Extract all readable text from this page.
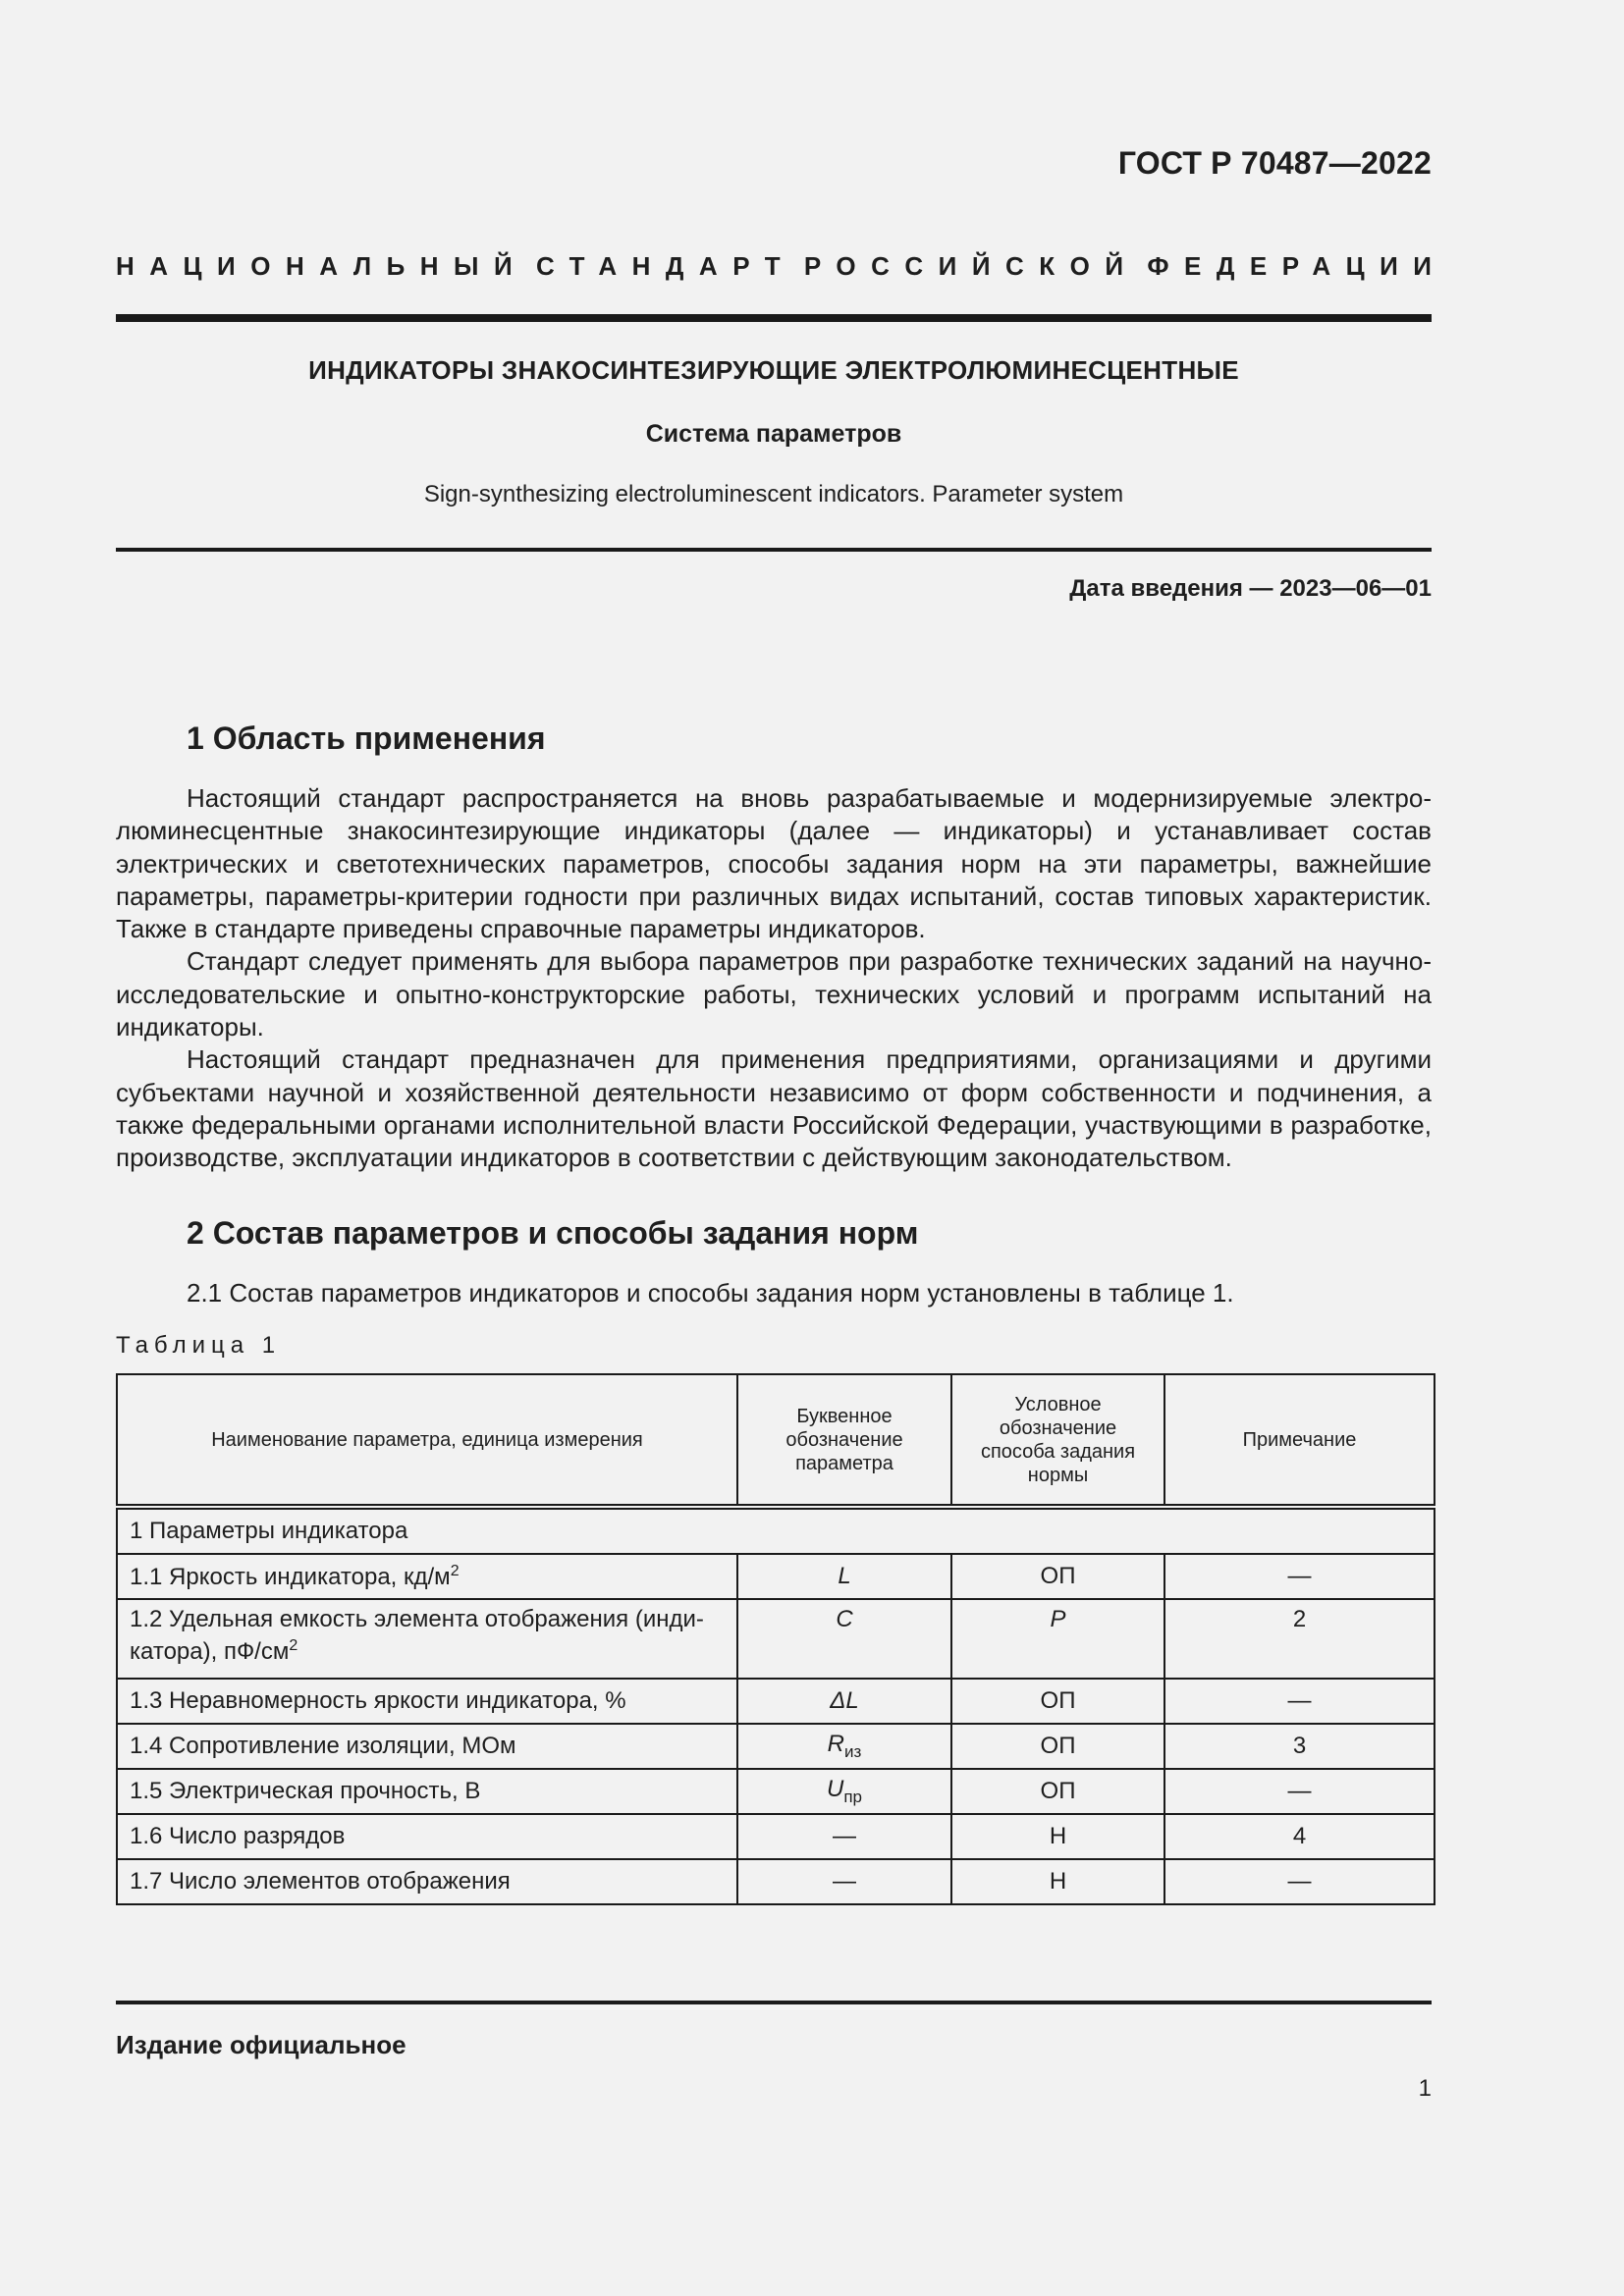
ГОСТ Р 70487—2022
НАЦИОНАЛЬНЫЙ СТАНДАРТ РОССИЙСКОЙ ФЕДЕРАЦИИ
ИНДИКАТОРЫ ЗНАКОСИНТЕЗИРУЮЩИЕ ЭЛЕКТРОЛЮМИНЕСЦЕНТНЫЕ
Система параметров
Sign-synthesizing electroluminescent indicators. Parameter system
Дата введения — 2023—06—01
1 Область применения

Настоящий стандарт распространяется на вновь разрабатываемые и модернизируемые электролюминесцентные знакосинтезирующие индикаторы (далее — индикаторы) и устанавливает состав электрических и светотехнических параметров, способы задания норм на эти параметры, важнейшие параметры, параметры-критерии годности при различных видах испытаний, состав типовых характеристик. Также в стандарте приведены справочные параметры индикаторов.

Стандарт следует применять для выбора параметров при разработке технических заданий на научно-исследовательские и опытно-конструкторские работы, технических условий и программ испытаний на индикаторы.

Настоящий стандарт предназначен для применения предприятиями, организациями и другими субъектами научной и хозяйственной деятельности независимо от форм собственности и подчинения, а также федеральными органами исполнительной власти Российской Федерации, участвующими в разработке, производстве, эксплуатации индикаторов в соответствии с действующим законодательством.

2 Состав параметров и способы задания норм
2.1 Состав параметров индикаторов и способы задания норм установлены в таблице 1.
Таблица 1
Наименование параметра, единица измерения	Буквенное обозначение параметра	Условное обозначение способа задания нормы	Примечание
1 Параметры индикатора			
1.1 Яркость индикатора, $кд/м^2$	L	ОП	—
1.2 Удельная емкость элемента отображения (индикатора), $пФ/см^2$	C	P	2
1.3 Неравномерность яркости индикатора, %	ΔL	ОП	—
1.4 Сопротивление изоляции, МОм	$R_{из}$	ОП	3
1.5 Электрическая прочность, В	$U_{пр}$	ОП	—
1.6 Число разрядов	—	Н	4
1.7 Число элементов отображения	—	Н	—
Издание официальное
1
